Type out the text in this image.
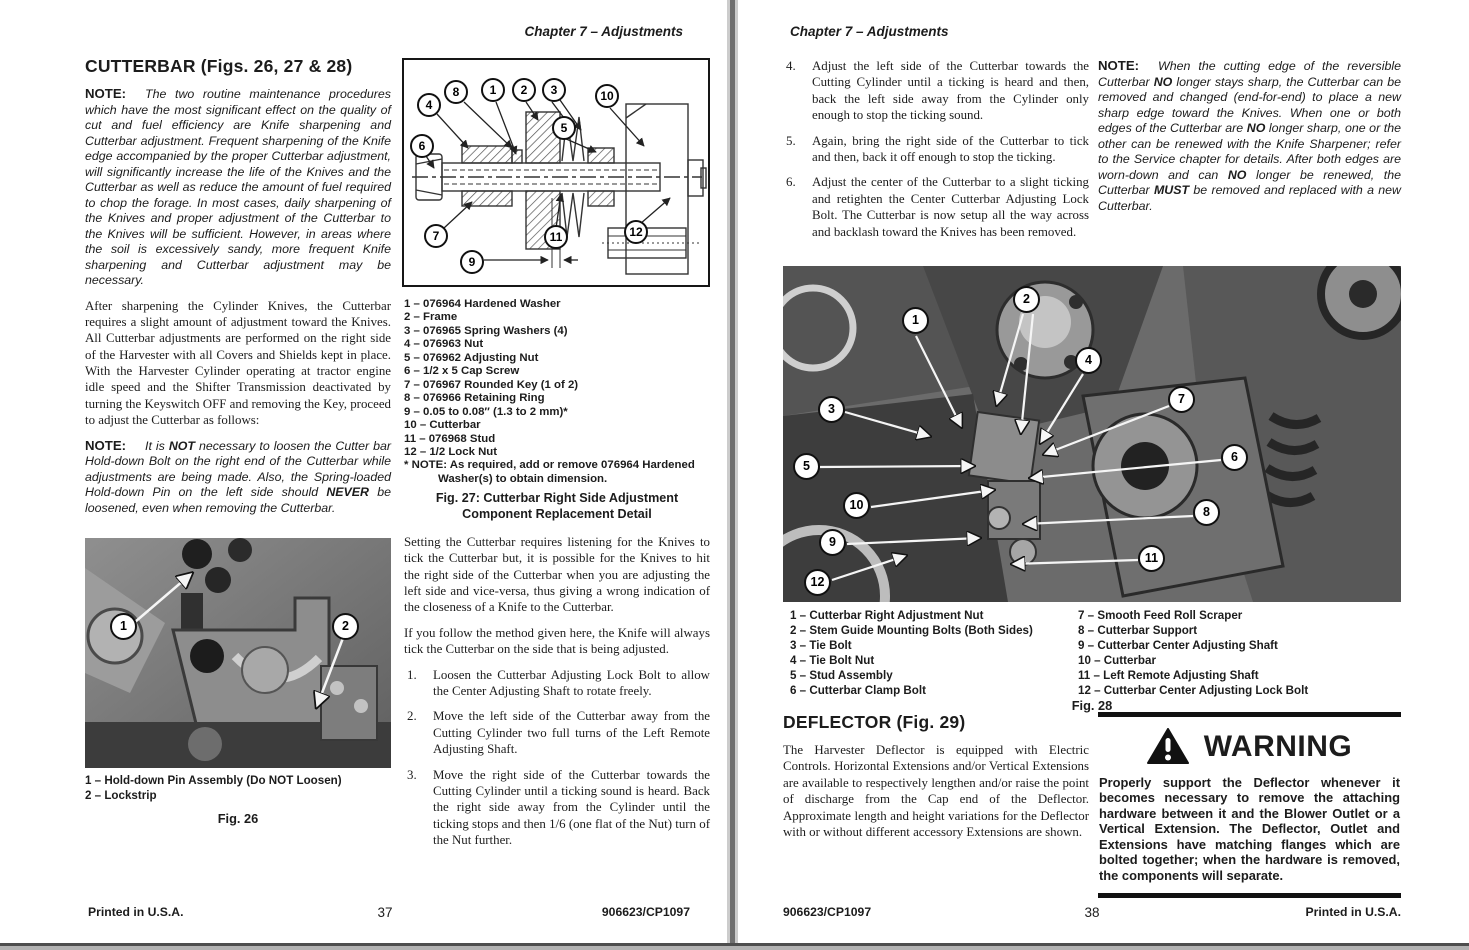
Chapter 7 – Adjustments
CUTTERBAR (Figs. 26, 27 & 28)

NOTE: The two routine maintenance procedures which have the most significant effect on the quality of cut and fuel efficiency are Knife sharpening and Cutterbar adjustment. Frequent sharpening of the Knife edge accompanied by the proper Cutterbar adjustment, will significantly increase the life of the Knives and the Cutterbar as well as reduce the amount of fuel required to chop the forage. In most cases, daily sharpening of the Knives and proper adjustment of the Cutterbar to the Knives will be sufficient. However, in areas where the soil is excessively sandy, more frequent Knife sharpening and Cutterbar adjustment may be necessary.

After sharpening the Cylinder Knives, the Cutterbar requires a slight amount of adjustment toward the Knives. All Cutterbar adjustments are performed on the right side of the Harvester with all Covers and Shields kept in place. With the Harvester Cylinder operating at tractor engine idle speed and the Shifter Transmission deactivated by turning the Keyswitch OFF and removing the Key, proceed to adjust the Cutterbar as follows:

NOTE: It is NOT necessary to loosen the Cutter bar Hold-down Bolt on the right end of the Cutterbar while adjustments are being made. Also, the Spring-loaded Hold-down Pin on the left side should NEVER be loosened, even when removing the Cutterbar.

1	2
1 – Hold-down Pin Assembly (Do NOT Loosen)
2 – Lockstrip
Fig. 26
4
8	1	2	3	10
5
6
7
9
11	12
1 – 076964 Hardened Washer
2 – Frame
3 – 076965 Spring Washers (4)
4 – 076963 Nut
5 – 076962 Adjusting Nut
6 – 1/2 x 5 Cap Screw
7 – 076967 Rounded Key (1 of 2)
8 – 076966 Retaining Ring
9 – 0.05 to 0.08″ (1.3 to 2 mm)*
10 – Cutterbar
11 – 076968 Stud
12 – 1/2 Lock Nut
* NOTE: As required, add or remove 076964 Hardened
Washer(s) to obtain dimension.
Fig. 27: Cutterbar Right Side Adjustment
Component Replacement Detail

Setting the Cutterbar requires listening for the Knives to tick the Cutterbar but, it is possible for the Knives to hit the right side of the Cutterbar when you are adjusting the left side and vice-versa, thus giving a wrong indication of the closeness of a Knife to the Cutterbar.

If you follow the method given here, the Knife will always tick the Cutterbar on the side that is being adjusted.

1.	Loosen the Cutterbar Adjusting Lock Bolt to allow the Center Adjusting Shaft to rotate freely.
2.	Move the left side of the Cutterbar away from the Cutting Cylinder two full turns of the Left Remote Adjusting Shaft.
3.	Move the right side of the Cutterbar towards the Cutting Cylinder until a ticking sound is heard. Back the right side away from the Cylinder until the ticking stops and then 1/6 (one flat of the Nut) turn of the Nut further.
Printed in U.S.A.	37	906623/CP1097
Chapter 7 – Adjustments
4.	Adjust the left side of the Cutterbar towards the Cutting Cylinder until a ticking is heard and then, back the left side away from the Cylinder only enough to stop the ticking sound.
5.	Again, bring the right side of the Cutterbar to tick and then, back it off enough to stop the ticking.
6.	Adjust the center of the Cutterbar to a slight ticking and retighten the Center Cutterbar Adjusting Lock Bolt. The Cutterbar is now setup all the way across and backlash toward the Knives has been removed.

NOTE: When the cutting edge of the reversible Cutterbar NO longer stays sharp, the Cutterbar can be removed and changed (end-for-end) to place a new sharp edge toward the Knives. When one or both edges of the Cutterbar are NO longer sharp, one or the other can be renewed with the Knife Sharpener; refer to the Service chapter for details. After both edges are worn-down and can NO longer be renewed, the Cutterbar MUST be removed and replaced with a new Cutterbar.

1
2
3
4
5
6
7
8
9
10
11
12
1 – Cutterbar Right Adjustment Nut
2 – Stem Guide Mounting Bolts (Both Sides)
3 – Tie Bolt
4 – Tie Bolt Nut
5 – Stud Assembly
6 – Cutterbar Clamp Bolt
7 – Smooth Feed Roll Scraper
8 – Cutterbar Support
9 – Cutterbar Center Adjusting Shaft
10 – Cutterbar
11 – Left Remote Adjusting Shaft
12 – Cutterbar Center Adjusting Lock Bolt
Fig. 28
DEFLECTOR (Fig. 29)

The Harvester Deflector is equipped with Electric Controls. Horizontal Extensions and/or Vertical Extensions are available to respectively lengthen and/or raise the point of discharge from the Cap end of the Deflector. Approximate length and height variations for the Deflector with or without different accessory Extensions are shown.

WARNING
Properly support the Deflector whenever it becomes necessary to remove the attaching hardware between it and the Blower Outlet or a Vertical Extension. The Deflector, Outlet and Extensions have matching flanges which are bolted together; when the hardware is removed, the components will separate.
906623/CP1097	38	Printed in U.S.A.
